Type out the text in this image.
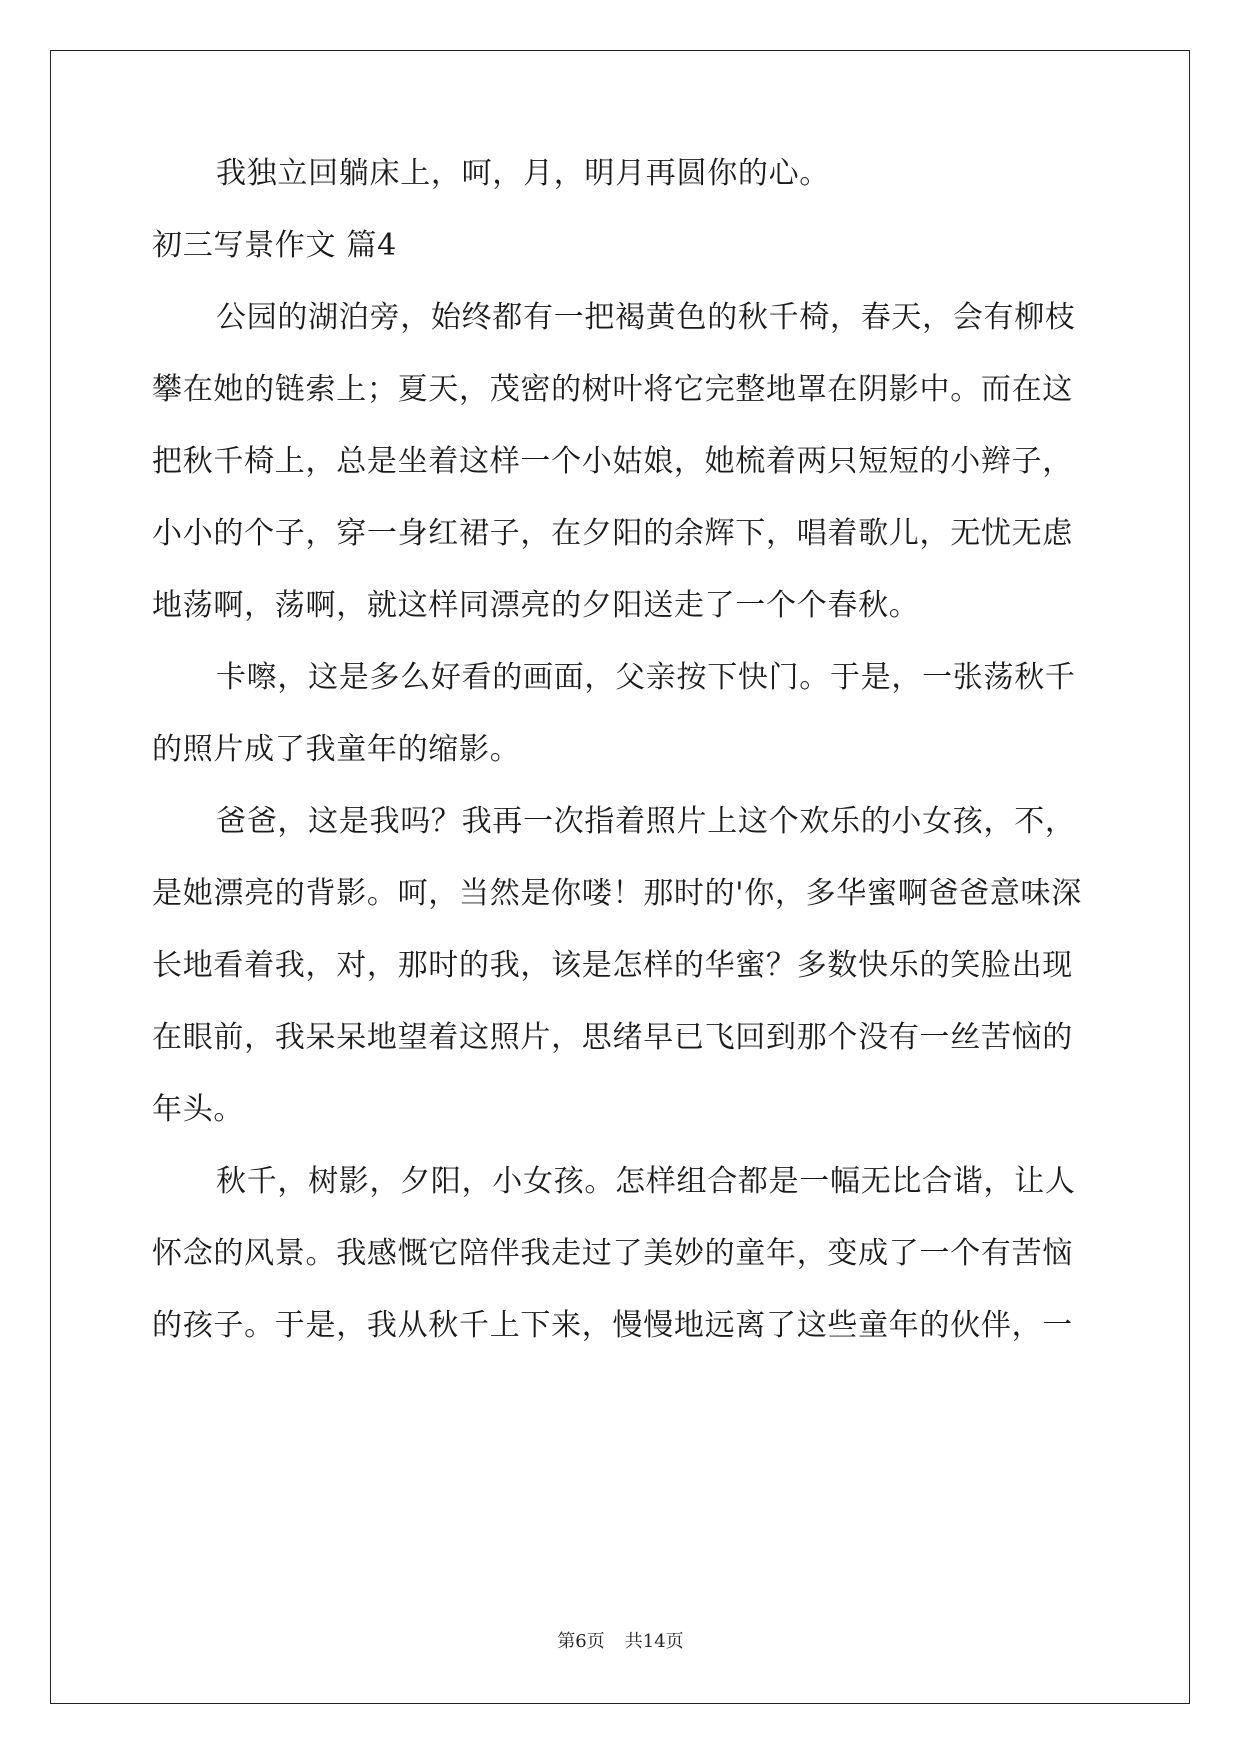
我独立回躺床上，呵，月，明月再圆你的心。
初三写景作文 篇4
公园的湖泊旁，始终都有一把褐黄色的秋千椅，春天，会有柳枝
攀在她的链索上；夏天，茂密的树叶将它完整地罩在阴影中。而在这
把秋千椅上，总是坐着这样一个小姑娘，她梳着两只短短的小辫子，
小小的个子，穿一身红裙子，在夕阳的余辉下，唱着歌儿，无忧无虑
地荡啊，荡啊，就这样同漂亮的夕阳送走了一个个春秋。
卡嚓，这是多么好看的画面，父亲按下快门。于是，一张荡秋千
的照片成了我童年的缩影。
爸爸，这是我吗？我再一次指着照片上这个欢乐的小女孩，不，
是她漂亮的背影。呵，当然是你喽！那时的'你，多华蜜啊爸爸意味深
长地看着我，对，那时的我，该是怎样的华蜜？多数快乐的笑脸出现
在眼前，我呆呆地望着这照片，思绪早已飞回到那个没有一丝苦恼的
年头。
秋千，树影，夕阳，小女孩。怎样组合都是一幅无比合谐，让人
怀念的风景。我感慨它陪伴我走过了美妙的童年，变成了一个有苦恼
的孩子。于是，我从秋千上下来，慢慢地远离了这些童年的伙伴，一
第6页 共14页
